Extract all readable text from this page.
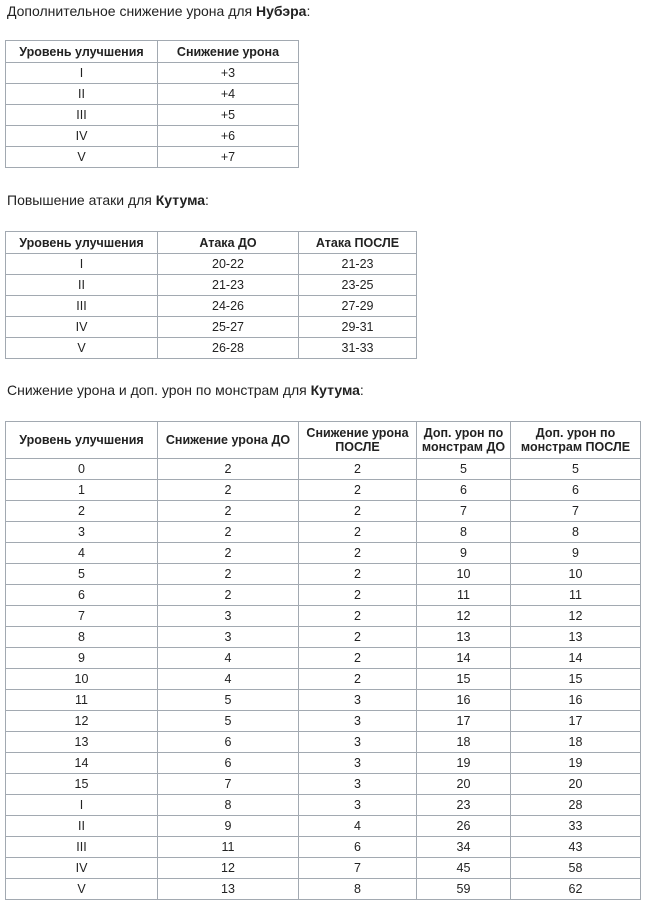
Дополнительное снижение урона для Нубэра:
Уровень улучшения	Снижение урона
I	+3
II	+4
III	+5
IV	+6
V	+7
Повышение атаки для Кутума:
Уровень улучшения	Атака ДО	Атака ПОСЛЕ
I	20-22	21-23
II	21-23	23-25
III	24-26	27-29
IV	25-27	29-31
V	26-28	31-33
Снижение урона и доп. урон по монстрам для Кутума:
Уровень улучшения	Снижение урона ДО	Снижение урона ПОСЛЕ	Доп. урон по монстрам ДО	Доп. урон по монстрам ПОСЛЕ
0	2	2	5	5
1	2	2	6	6
2	2	2	7	7
3	2	2	8	8
4	2	2	9	9
5	2	2	10	10
6	2	2	11	11
7	3	2	12	12
8	3	2	13	13
9	4	2	14	14
10	4	2	15	15
11	5	3	16	16
12	5	3	17	17
13	6	3	18	18
14	6	3	19	19
15	7	3	20	20
I	8	3	23	28
II	9	4	26	33
III	11	6	34	43
IV	12	7	45	58
V	13	8	59	62
